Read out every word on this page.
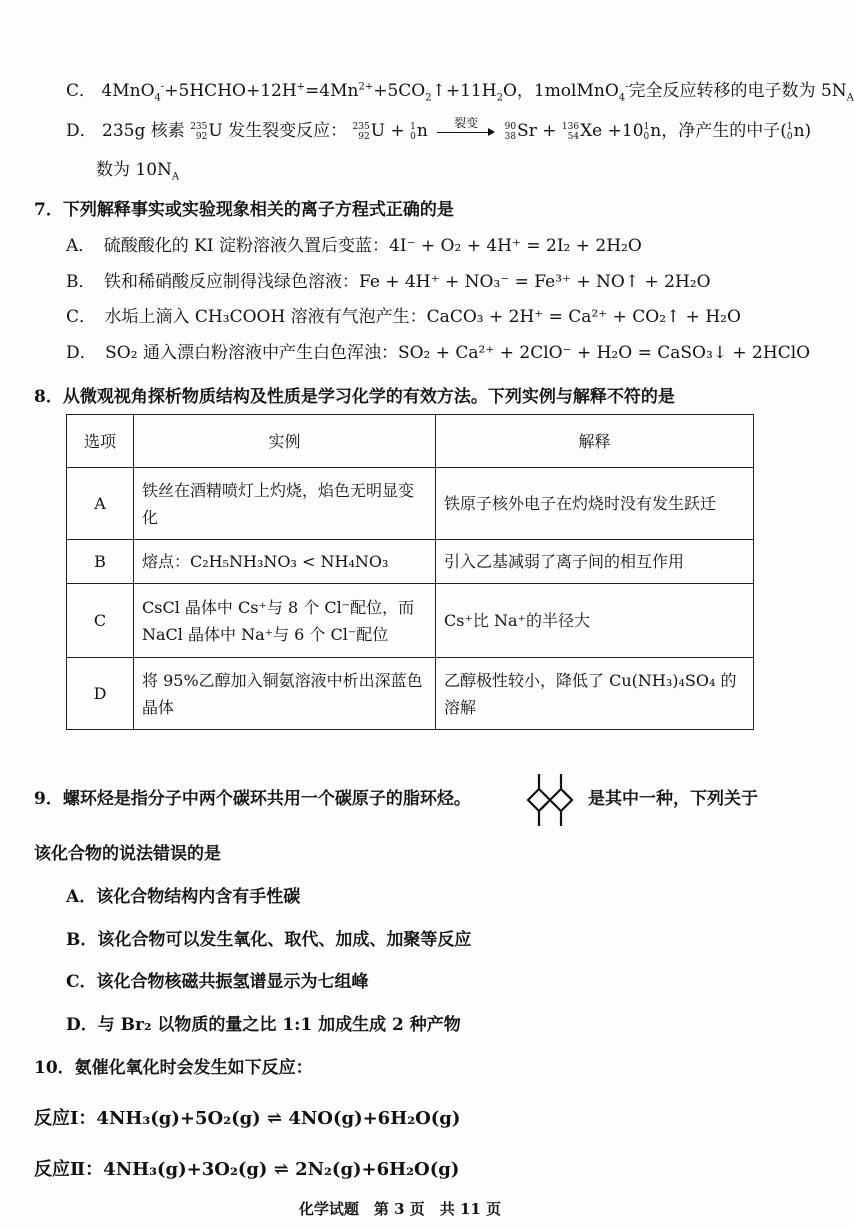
C． $4MnO_4^-+5HCHO+12H^+=4Mn^{2+}+5CO_2↑+11H_2O$，1molMnO$_4$-完全反应转移的电子数为 $5N_A$
D． 235g 核素 235
92 U 发生裂变反应： 235
92 U + 1
0 n	裂变
	90
38 Sr + 136
54 Xe +10 1
0 n，净产生的中子( 1
0 n)
数为 $10N_A$
7．下列解释事实或实验现象相关的离子方程式正确的是
A．　 硫酸酸化的 KI 淀粉溶液久置后变蓝：4I⁻ + O₂ + 4H⁺ = 2I₂ + 2H₂O
B．　 铁和稀硝酸反应制得浅绿色溶液：Fe + 4H⁺ + NO₃⁻ = Fe³⁺ + NO↑ + 2H₂O
C．　 水垢上滴入 CH₃COOH 溶液有气泡产生：CaCO₃ + 2H⁺ = Ca²⁺ + CO₂↑ + H₂O
D．　 SO₂ 通入漂白粉溶液中产生白色浑浊：SO₂ + Ca²⁺ + 2ClO⁻ + H₂O = CaSO₃↓ + 2HClO
8．从微观视角探析物质结构及性质是学习化学的有效方法。下列实例与解释不符的是
选项	实例	解释
A	铁丝在酒精喷灯上灼烧，焰色无明显变化	铁原子核外电子在灼烧时没有发生跃迁
B	熔点：C₂H₅NH₃NO₃ < NH₄NO₃	引入乙基减弱了离子间的相互作用
C	CsCl 晶体中 Cs⁺与 8 个 Cl⁻配位，而 NaCl 晶体中 Na⁺与 6 个 Cl⁻配位	Cs⁺比 Na⁺的半径大
D	将 95%乙醇加入铜氨溶液中析出深蓝色晶体	乙醇极性较小，降低了 Cu(NH₃)₄SO₄ 的溶解
9．螺环烃是指分子中两个碳环共用一个碳原子的脂环烃。	是其中一种，下列关于
该化合物的说法错误的是
A．该化合物结构内含有手性碳
B．该化合物可以发生氧化、取代、加成、加聚等反应
C．该化合物核磁共振氢谱显示为七组峰
D．与 Br₂ 以物质的量之比 1:1 加成生成 2 种产物
10．氨催化氧化时会发生如下反应：
反应Ⅰ：4NH₃(g)+5O₂(g) ⇌ 4NO(g)+6H₂O(g)
反应Ⅱ：4NH₃(g)+3O₂(g) ⇌ 2N₂(g)+6H₂O(g)
化学试题　第 3 页　共 11 页
